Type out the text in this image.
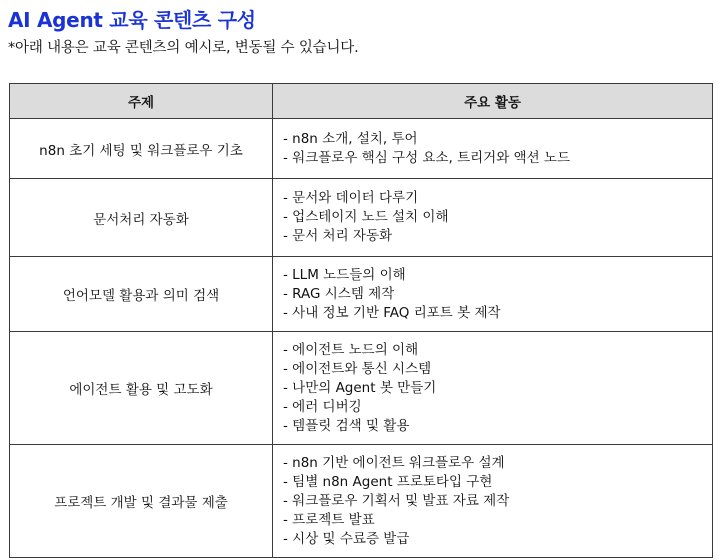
AI Agent 교육 콘텐츠 구성
*아래 내용은 교육 콘텐츠의 예시로, 변동될 수 있습니다.
주제	주요 활동
n8n 초기 세팅 및 워크플로우 기초	- n8n 소개, 설치, 투어
- 워크플로우 핵심 구성 요소, 트리거와 액션 노드

문서처리 자동화	- 문서와 데이터 다루기
- 업스테이지 노드 설치 이해
- 문서 처리 자동화

언어모델 활용과 의미 검색	- LLM 노드들의 이해
- RAG 시스템 제작
- 사내 정보 기반 FAQ 리포트 봇 제작

에이전트 활용 및 고도화	- 에이전트 노드의 이해
- 에이전트와 통신 시스템
- 나만의 Agent 봇 만들기
- 에러 디버깅
- 템플릿 검색 및 활용

프로젝트 개발 및 결과물 제출	- n8n 기반 에이전트 워크플로우 설계
- 팀별 n8n Agent 프로토타입 구현
- 워크플로우 기획서 및 발표 자료 제작
- 프로젝트 발표
- 시상 및 수료증 발급
